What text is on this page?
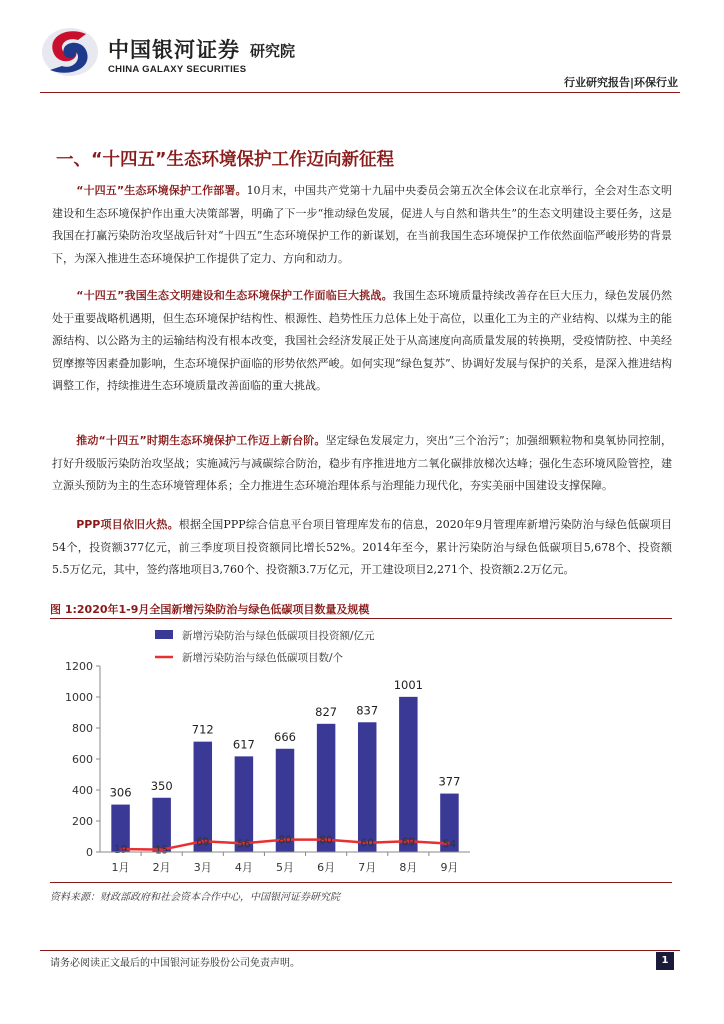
中国银河证券 研究院
CHINA GALAXY SECURITIES
行业研究报告|环保行业
一、“十四五”生态环境保护工作迈向新征程
“十四五”生态环境保护工作部署。10月末，中国共产党第十九届中央委员会第五次全体会议在北京举行，全会对生态文明建设和生态环境保护作出重大决策部署，明确了下一步“推动绿色发展，促进人与自然和谐共生”的生态文明建设主要任务，这是我国在打赢污染防治攻坚战后针对“十四五”生态环境保护工作的新谋划，在当前我国生态环境保护工作依然面临严峻形势的背景下，为深入推进生态环境保护工作提供了定力、方向和动力。
“十四五”我国生态文明建设和生态环境保护工作面临巨大挑战。我国生态环境质量持续改善存在巨大压力，绿色发展仍然处于重要战略机遇期，但生态环境保护结构性、根源性、趋势性压力总体上处于高位，以重化工为主的产业结构、以煤为主的能源结构、以公路为主的运输结构没有根本改变，我国社会经济发展正处于从高速度向高质量发展的转换期，受疫情防控、中美经贸摩擦等因素叠加影响，生态环境保护面临的形势依然严峻。如何实现“绿色复苏”、协调好发展与保护的关系，是深入推进结构调整工作，持续推进生态环境质量改善面临的重大挑战。
推动“十四五”时期生态环境保护工作迈上新台阶。坚定绿色发展定力，突出“三个治污”；加强细颗粒物和臭氧协同控制，打好升级版污染防治攻坚战；实施减污与减碳综合防治，稳步有序推进地方二氧化碳排放梯次达峰；强化生态环境风险管控，建立源头预防为主的生态环境管理体系；全力推进生态环境治理体系与治理能力现代化，夯实美丽中国建设支撑保障。
PPP项目依旧火热。根据全国PPP综合信息平台项目管理库发布的信息，2020年9月管理库新增污染防治与绿色低碳项目54个，投资额377亿元，前三季度项目投资额同比增长52%。2014年至今，累计污染防治与绿色低碳项目5,678个、投资额5.5万亿元，其中，签约落地项目3,760个、投资额3.7万亿元，开工建设项目2,271个、投资额2.2万亿元。
图 1:2020年1-9月全国新增污染防治与绿色低碳项目数量及规模
新增污染防治与绿色低碳项目投资额/亿元
新增污染防治与绿色低碳项目数/个
0
200
400
600
800
1000
1200
306 350
712
617
666
827 837
1001
377
19	15
69	56	80	80	60	69	54
1月 2月 3月 4月 5月 6月 7月 8月 9月
资料来源：财政部政府和社会资本合作中心，中国银河证券研究院
请务必阅读正文最后的中国银河证券股份公司免责声明。	1
